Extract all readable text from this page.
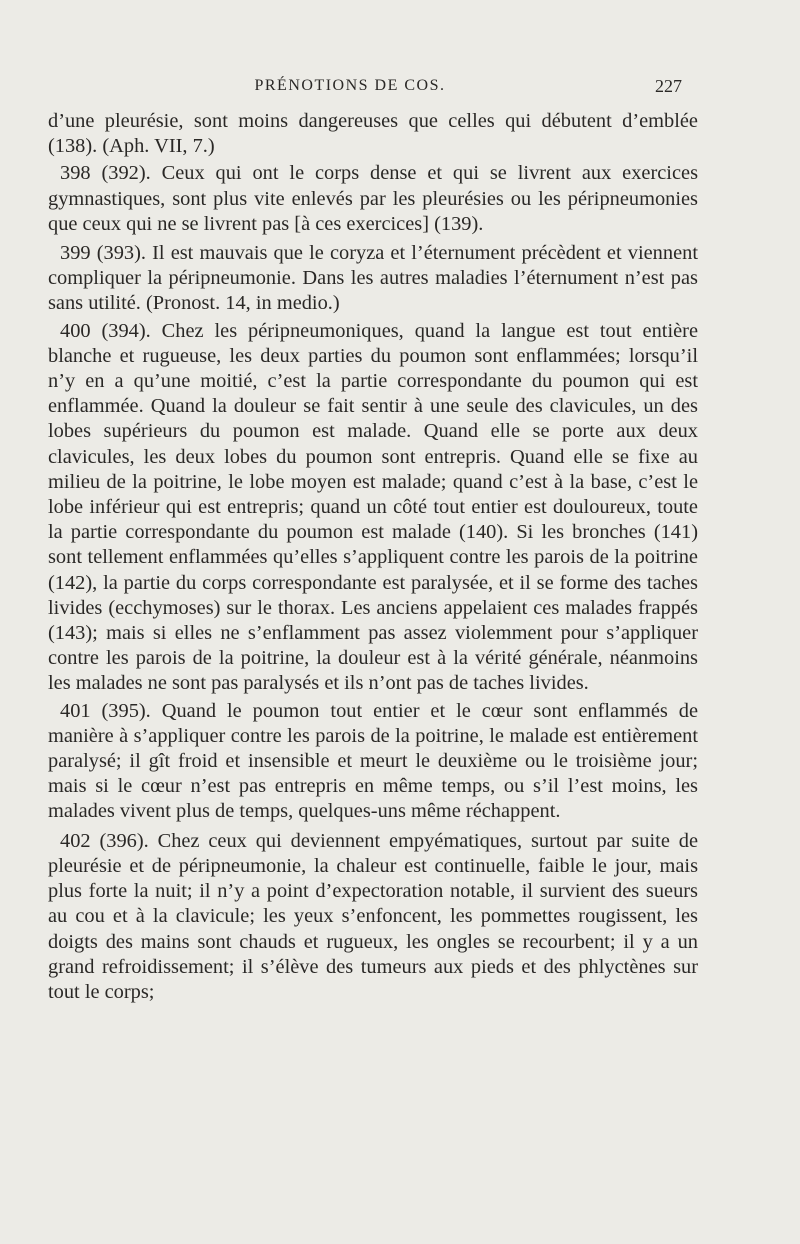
PRÉNOTIONS DE COS.	227

d’une pleurésie, sont moins dangereuses que celles qui débutent d’emblée (138). (Aph. VII, 7.)

398 (392). Ceux qui ont le corps dense et qui se livrent aux exercices gymnastiques, sont plus vite enlevés par les pleurésies ou les péripneumonies que ceux qui ne se livrent pas [à ces exercices] (139).

399 (393). Il est mauvais que le coryza et l’éternument précèdent et viennent compliquer la péripneumonie. Dans les autres maladies l’éternument n’est pas sans utilité. (Pronost. 14, in medio.)

400 (394). Chez les péripneumoniques, quand la langue est tout entière blanche et rugueuse, les deux parties du poumon sont enflammées; lorsqu’il n’y en a qu’une moitié, c’est la partie correspondante du poumon qui est enflammée. Quand la douleur se fait sentir à une seule des clavicules, un des lobes supérieurs du poumon est malade. Quand elle se porte aux deux clavicules, les deux lobes du poumon sont entrepris. Quand elle se fixe au milieu de la poitrine, le lobe moyen est malade; quand c’est à la base, c’est le lobe inférieur qui est entrepris; quand un côté tout entier est douloureux, toute la partie correspondante du poumon est malade (140). Si les bronches (141) sont tellement enflammées qu’elles s’appliquent contre les parois de la poitrine (142), la partie du corps correspondante est paralysée, et il se forme des taches livides (ecchymoses) sur le thorax. Les anciens appelaient ces malades frappés (143); mais si elles ne s’enflamment pas assez violemment pour s’appliquer contre les parois de la poitrine, la douleur est à la vérité générale, néanmoins les malades ne sont pas paralysés et ils n’ont pas de taches livides.

401 (395). Quand le poumon tout entier et le cœur sont enflammés de manière à s’appliquer contre les parois de la poitrine, le malade est entièrement paralysé; il gît froid et insensible et meurt le deuxième ou le troisième jour; mais si le cœur n’est pas entrepris en même temps, ou s’il l’est moins, les malades vivent plus de temps, quelques-uns même réchappent.

402 (396). Chez ceux qui deviennent empyématiques, surtout par suite de pleurésie et de péripneumonie, la chaleur est continuelle, faible le jour, mais plus forte la nuit; il n’y a point d’expectoration notable, il survient des sueurs au cou et à la clavicule; les yeux s’enfoncent, les pommettes rougissent, les doigts des mains sont chauds et rugueux, les ongles se recourbent; il y a un grand refroidissement; il s’élève des tumeurs aux pieds et des phlyctènes sur tout le corps;
